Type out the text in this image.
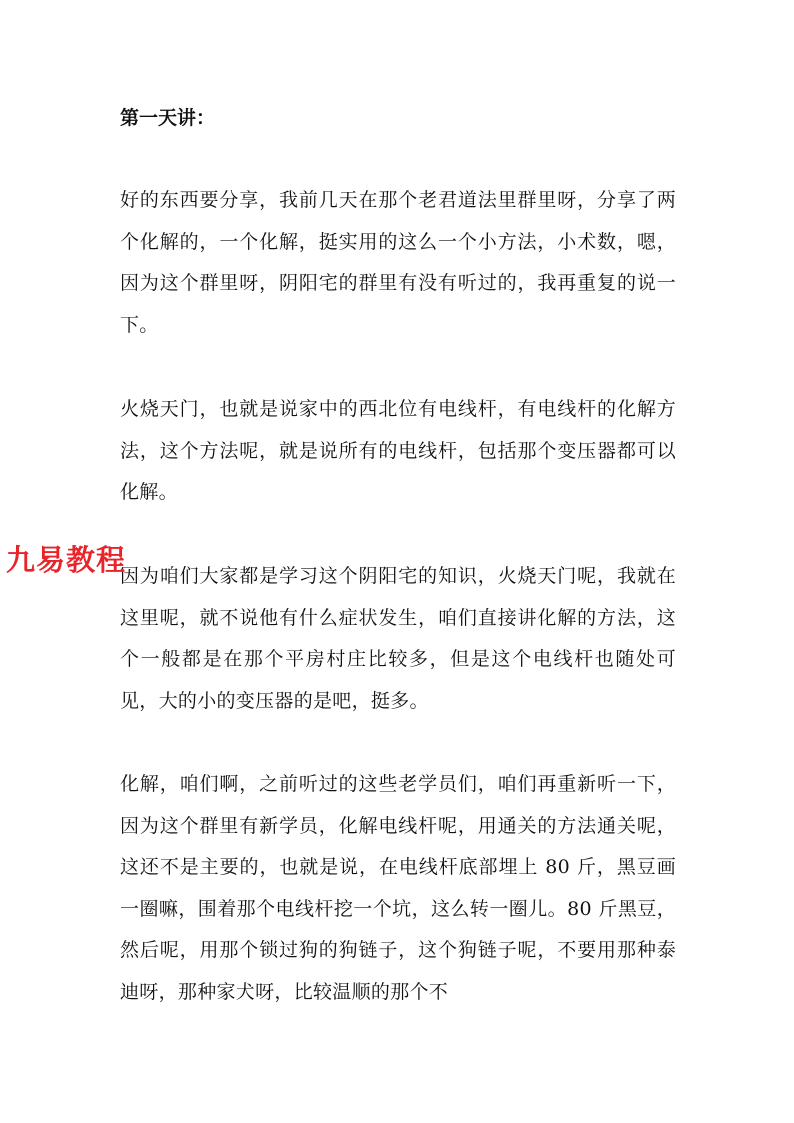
第一天讲：

好的东西要分享，我前几天在那个老君道法里群里呀，分享了两个化解的，一个化解，挺实用的这么一个小方法，小术数，嗯，因为这个群里呀，阴阳宅的群里有没有听过的，我再重复的说一下。

火烧天门，也就是说家中的西北位有电线杆，有电线杆的化解方法，这个方法呢，就是说所有的电线杆，包括那个变压器都可以化解。

因为咱们大家都是学习这个阴阳宅的知识，火烧天门呢，我就在这里呢，就不说他有什么症状发生，咱们直接讲化解的方法，这个一般都是在那个平房村庄比较多，但是这个电线杆也随处可见，大的小的变压器的是吧，挺多。

化解，咱们啊，之前听过的这些老学员们，咱们再重新听一下，因为这个群里有新学员，化解电线杆呢，用通关的方法通关呢，这还不是主要的，也就是说，在电线杆底部埋上 80 斤，黑豆画一圈嘛，围着那个电线杆挖一个坑，这么转一圈儿。80 斤黑豆，然后呢，用那个锁过狗的狗链子，这个狗链子呢，不要用那种泰迪呀，那种家犬呀，比较温顺的那个不

九易教程
